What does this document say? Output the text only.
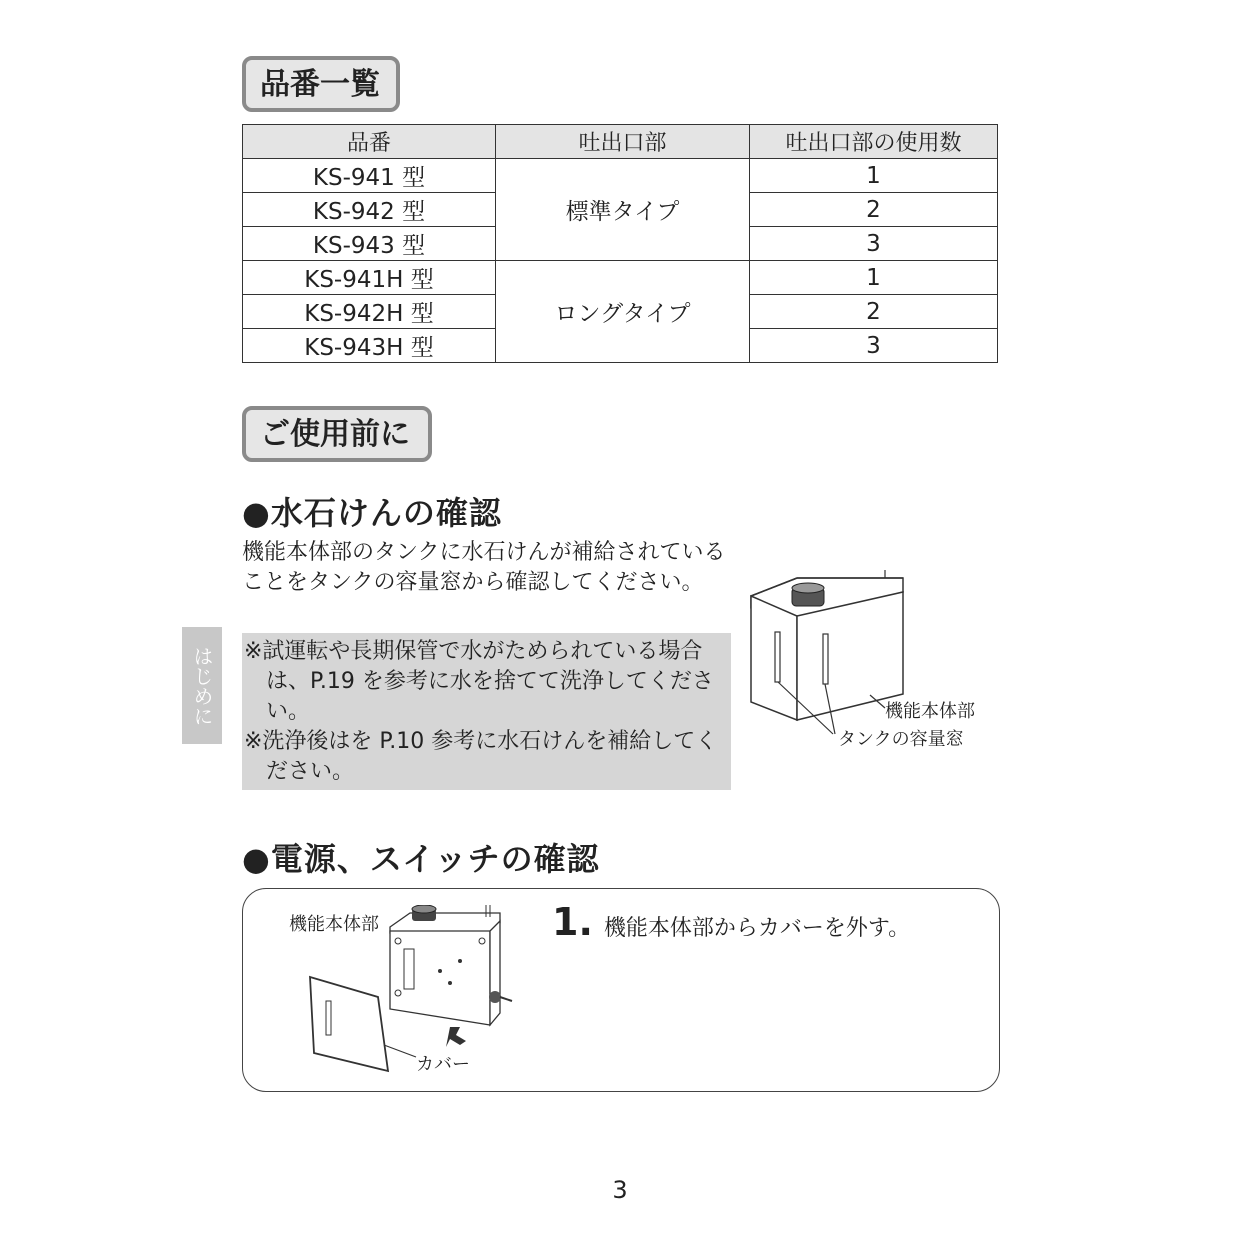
品番一覧
品番	吐出口部	吐出口部の使用数
KS-941 型	標準タイプ	1
KS-942 型		2
KS-943 型		3
KS-941H 型	ロングタイプ	1
KS-942H 型		2
KS-943H 型		3
ご使用前に
●水石けんの確認
機能本体部のタンクに水石けんが補給されていることをタンクの容量窓から確認してください。

※試運転や長期保管で水がためられている場合は、P.19 を参考に水を捨てて洗浄してください。

※洗浄後はを P.10 参考に水石けんを補給してください。

はじめに	機能本体部
タンクの容量窓
●電源、スイッチの確認
機能本体部
カバー
1. 機能本体部からカバーを外す。
3
